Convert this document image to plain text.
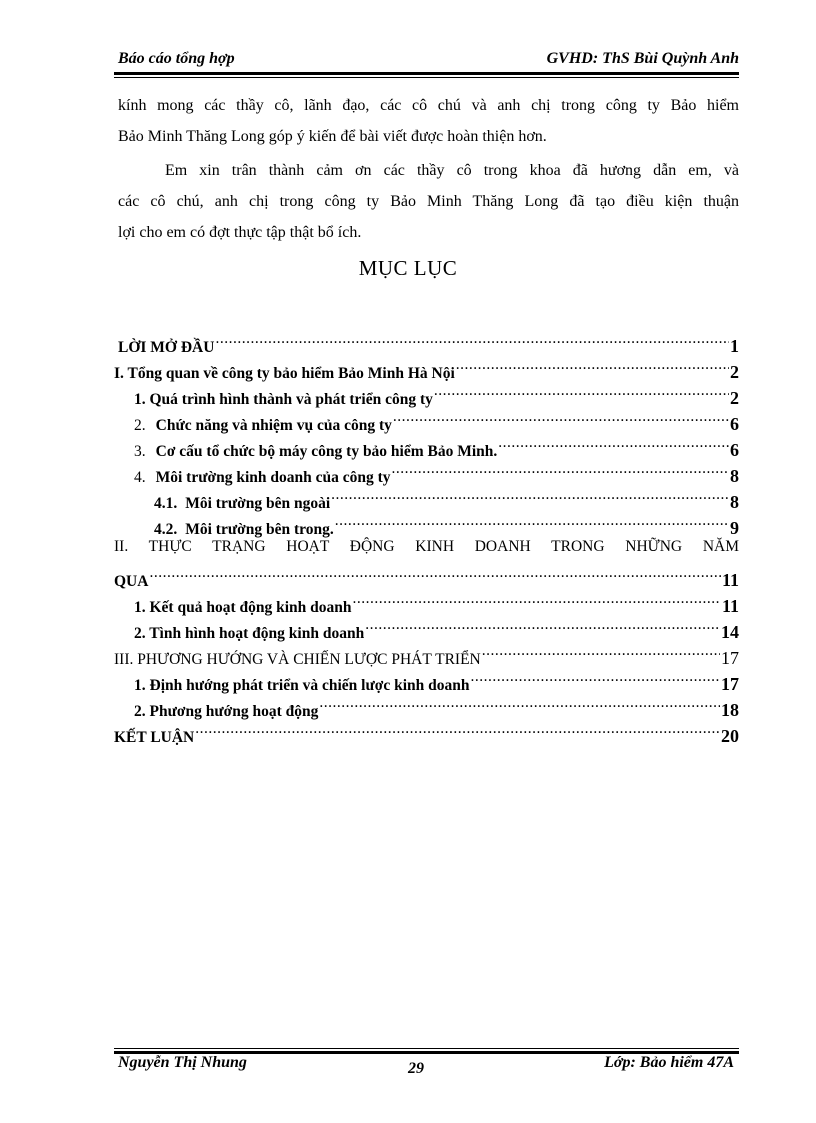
Báo cáo tổng hợp	GVHD: ThS Bùi Quỳnh Anh
kính mong các thầy cô, lãnh đạo, các cô chú và anh chị trong công ty Bảo hiểm
Bảo Minh Thăng Long góp ý kiến để bài viết được hoàn thiện hơn.
Em xin trân thành cảm ơn các thầy cô trong khoa đã hương dẫn em, và
các cô chú, anh chị trong công ty Bảo Minh Thăng Long đã tạo điều kiện thuận
lợi cho em có đợt thực tập thật bổ ích.
MỤC LỤC
LỜI MỞ ĐẦU .....	1
I. Tổng quan về công ty bảo hiểm Bảo Minh Hà Nội .....	2
1. Quá trình hình thành và phát triển công ty .....	2
2. Chức năng và nhiệm vụ của công ty .....	6
3. Cơ cấu tổ chức bộ máy công ty bảo hiểm Bảo Minh. .....	6
4. Môi trường kinh doanh của công ty .....	8
4.1. Môi trường bên ngoài .....	8
4.2. Môi trường bên trong. .....	9
II. THỰC TRẠNG HOẠT ĐỘNG KINH DOANH TRONG NHỮNG NĂM
QUA .....	11
1. Kết quả hoạt động kinh doanh .....	11
2. Tình hình hoạt động kinh doanh .....	14
III. PHƯƠNG HƯỚNG VÀ CHIẾN LƯỢC PHÁT TRIỂN .....	17
1. Định hướng phát triển và chiến lược kinh doanh .....	17
2. Phương hướng hoạt động .....	18
KẾT LUẬN .....	20
Nguyễn Thị Nhung	29	Lớp: Bảo hiểm 47A
